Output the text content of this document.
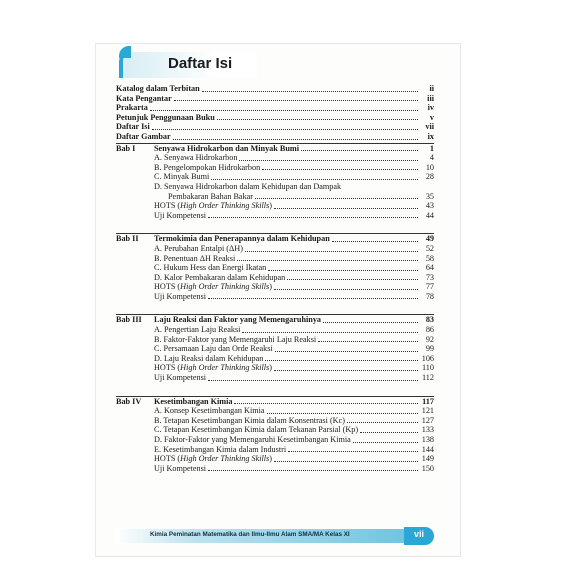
Daftar Isi
Katalog dalam Terbitan	ii
Kata Pengantar	iii
Prakarta	iv
Petunjuk Penggunaan Buku	v
Daftar Isi	vii
Daftar Gambar	ix
Bab I	Senyawa Hidrokarbon dan Minyak Bumi	1
A. Senyawa Hidrokarbon	4
B. Pengelompokan Hidrokarbon	10
C. Minyak Bumi	28
D. Senyawa Hidrokarbon dalam Kehidupan dan Dampak
Pembakaran Bahan Bakar	35
HOTS (High Order Thinking Skills)	43
Uji Kompetensi	44
Bab II	Termokimia dan Penerapannya dalam Kehidupan	49
A. Perubahan Entalpi (ΔH)	52
B. Penentuan ΔH Reaksi	58
C. Hukum Hess dan Energi Ikatan	64
D. Kalor Pembakaran dalam Kehidupan	73
HOTS (High Order Thinking Skills)	77
Uji Kompetensi	78
Bab III	Laju Reaksi dan Faktor yang Memengaruhinya	83
A. Pengertian Laju Reaksi	86
B. Faktor-Faktor yang Memengaruhi Laju Reaksi	92
C. Persamaan Laju dan Orde Reaksi	99
D. Laju Reaksi dalam Kehidupan	106
HOTS (High Order Thinking Skills)	110
Uji Kompetensi	112
Bab IV	Kesetimbangan Kimia	117
A. Konsep Kesetimbangan Kimia	121
B. Tetapan Kesetimbangan Kimia dalam Konsentrasi (Kc)	127
C. Tetapan Kesetimbangan Kimia dalam Tekanan Parsial (Kp)	133
D. Faktor-Faktor yang Memengaruhi Kesetimbangan Kimia	138
E. Kesetimbangan Kimia dalam Industri	144
HOTS (High Order Thinking Skills)	149
Uji Kompetensi	150
Kimia Peminatan Matematika dan Ilmu-Ilmu Alam SMA/MA Kelas XI	vii
